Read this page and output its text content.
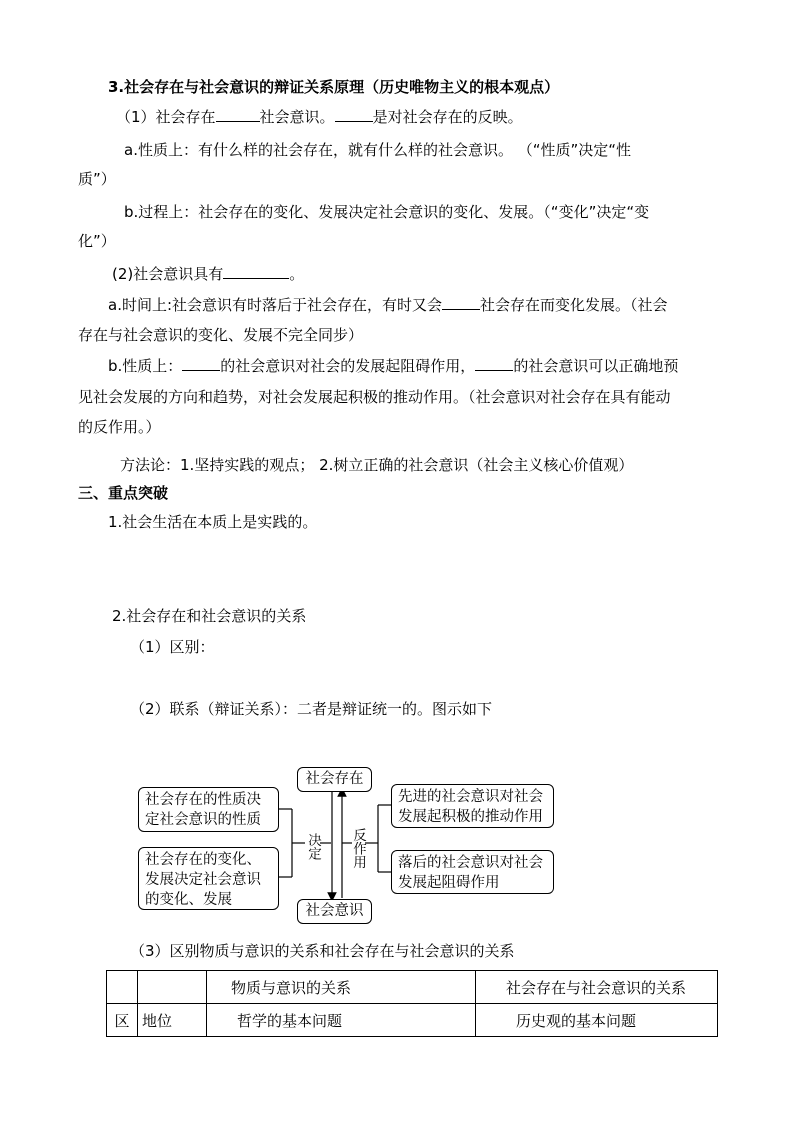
3.社会存在与社会意识的辩证关系原理（历史唯物主义的根本观点）
（1）社会存在	社会意识。	是对社会存在的反映。
a.性质上：有什么样的社会存在，就有什么样的社会意识。 （“性质”决定“性
质”）
b.过程上：社会存在的变化、发展决定社会意识的变化、发展。（“变化”决定“变
化”）
(2)社会意识具有	。
a.时间上:社会意识有时落后于社会存在，有时又会	社会存在而变化发展。（社会
存在与社会意识的变化、发展不完全同步）
b.性质上：	的社会意识对社会的发展起阻碍作用，	的社会意识可以正确地预
见社会发展的方向和趋势，对社会发展起积极的推动作用。（社会意识对社会存在具有能动
的反作用。）
方法论：1.坚持实践的观点； 2.树立正确的社会意识（社会主义核心价值观）
三、重点突破
1.社会生活在本质上是实践的。
2.社会存在和社会意识的关系
（1）区别：
（2）联系（辩证关系）：二者是辩证统一的。图示如下
社会存在
社会意识
社会存在的性质决定社会意识的性质
社会存在的变化、发展决定社会意识的变化、发展
先进的社会意识对社会发展起积极的推动作用
落后的社会意识对社会发展起阻碍作用
决定 反作用
（3）区别物质与意识的关系和社会存在与社会意识的关系
		物质与意识的关系	社会存在与社会意识的关系
区	地位	哲学的基本问题	历史观的基本问题
